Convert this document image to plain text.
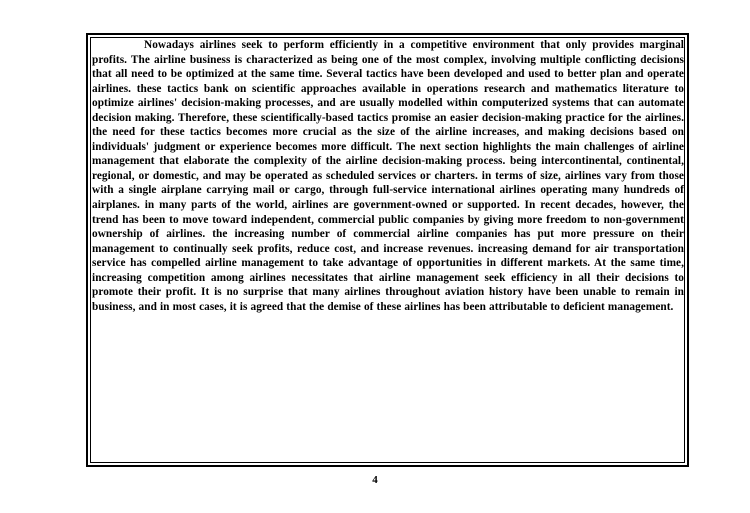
Nowadays airlines seek to perform efficiently in a competitive environment that only provides marginal profits. The airline business is characterized as being one of the most complex, involving multiple conflicting decisions that all need to be optimized at the same time. Several tactics have been developed and used to better plan and operate airlines. these tactics bank on scientific approaches available in operations research and mathematics literature to optimize airlines' decision-making processes, and are usually modelled within computerized systems that can automate decision making. Therefore, these scientifically-based tactics promise an easier decision-making practice for the airlines. the need for these tactics becomes more crucial as the size of the airline increases, and making decisions based on individuals' judgment or experience becomes more difficult. The next section highlights the main challenges of airline management that elaborate the complexity of the airline decision-making process. being intercontinental, continental, regional, or domestic, and may be operated as scheduled services or charters. in terms of size, airlines vary from those with a single airplane carrying mail or cargo, through full-service international airlines operating many hundreds of airplanes. in many parts of the world, airlines are government-owned or supported. In recent decades, however, the trend has been to move toward independent, commercial public companies by giving more freedom to non-government ownership of airlines. the increasing number of commercial airline companies has put more pressure on their management to continually seek profits, reduce cost, and increase revenues. increasing demand for air transportation service has compelled airline management to take advantage of opportunities in different markets. At the same time, increasing competition among airlines necessitates that airline management seek efficiency in all their decisions to promote their profit. It is no surprise that many airlines throughout aviation history have been unable to remain in business, and in most cases, it is agreed that the demise of these airlines has been attributable to deficient management.

4
